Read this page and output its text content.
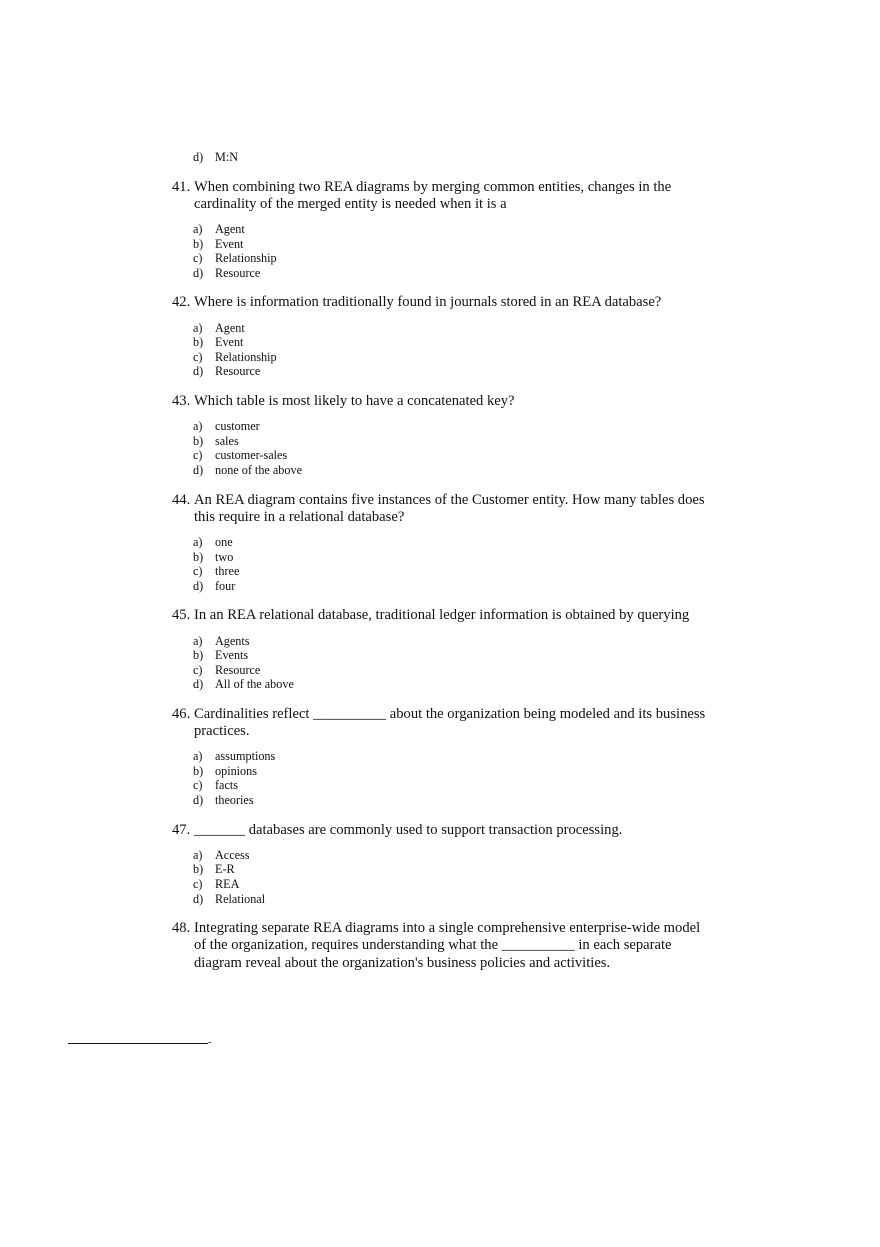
d) M:N
41. When combining two REA diagrams by merging common entities, changes in the cardinality of the merged entity is needed when it is a
a)	Agent
b) Event
c)	Relationship
d) Resource
42. Where is information traditionally found in journals stored in an REA database?
a)	Agent
b) Event
c)	Relationship
d) Resource
43. Which table is most likely to have a concatenated key?
a)	customer
b) sales
c)	customer-sales
d) none of the above
44. An REA diagram contains five instances of the Customer entity. How many tables does this require in a relational database?
a)	one
b) two
c)	three
d) four
45. In an REA relational database, traditional ledger information is obtained by querying
a)	Agents
b) Events
c)	Resource
d) All of the above
46. Cardinalities reflect __________ about the organization being modeled and its business practices.
a)	assumptions
b) opinions
c)	facts
d) theories
47. _______ databases are commonly used to support transaction processing.
a)	Access
b) E-R
c)	REA
d) Relational
48. Integrating separate REA diagrams into a single comprehensive enterprise-wide model of the organization, requires understanding what the __________ in each separate diagram reveal about the organization's business policies and activities.
-
